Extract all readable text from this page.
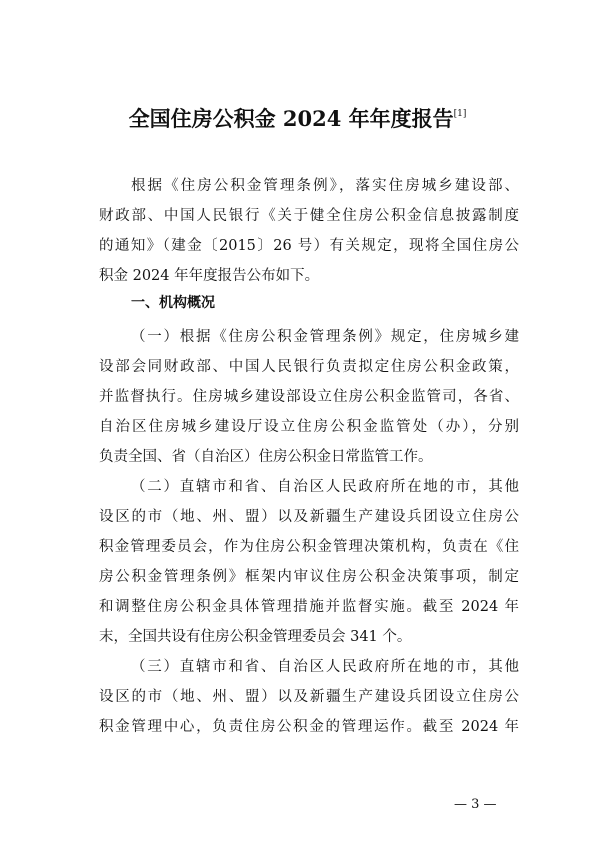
全国住房公积金 2024 年年度报告[1]
根据《住房公积金管理条例》，落实住房城乡建设部、
财政部、中国人民银行《关于健全住房公积金信息披露制度
的通知》（建金〔2015〕26 号）有关规定，现将全国住房公
积金 2024 年年度报告公布如下。
一、机构概况
（一）根据《住房公积金管理条例》规定，住房城乡建
设部会同财政部、中国人民银行负责拟定住房公积金政策，
并监督执行。住房城乡建设部设立住房公积金监管司，各省、
自治区住房城乡建设厅设立住房公积金监管处（办），分别
负责全国、省（自治区）住房公积金日常监管工作。
（二）直辖市和省、自治区人民政府所在地的市，其他
设区的市（地、州、盟）以及新疆生产建设兵团设立住房公
积金管理委员会，作为住房公积金管理决策机构，负责在《住
房公积金管理条例》框架内审议住房公积金决策事项，制定
和调整住房公积金具体管理措施并监督实施。截至 2024 年
末，全国共设有住房公积金管理委员会 341 个。
（三）直辖市和省、自治区人民政府所在地的市，其他
设区的市（地、州、盟）以及新疆生产建设兵团设立住房公
积金管理中心，负责住房公积金的管理运作。截至 2024 年
— 3 —
